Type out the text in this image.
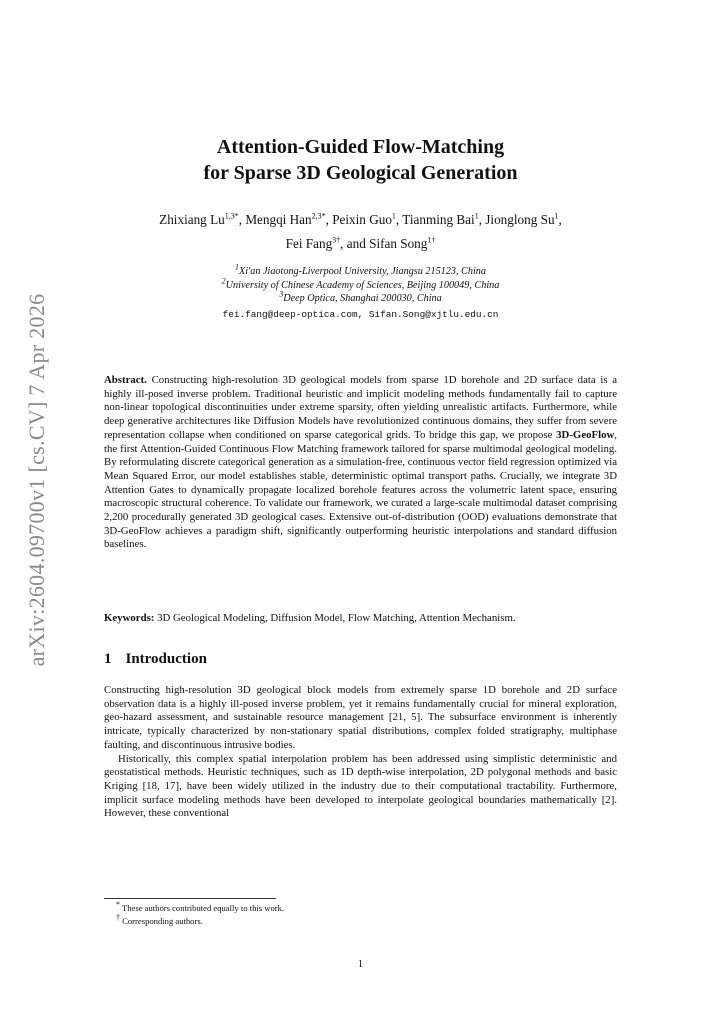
arXiv:2604.09700v1 [cs.CV] 7 Apr 2026
Attention-Guided Flow-Matching
for Sparse 3D Geological Generation
Zhixiang $Lu^{1,3*}$, Mengqi Han$^{2,3*}$, Peixin Guo$^1$, Tianming Bai$^1$, Jionglong Su$^1$,
Fei Fang$^{3\dagger}$, and Sifan Song$^{1\dagger}$
$^1$Xi'an Jiaotong-Liverpool University, Jiangsu 215123, China
$^2$University of Chinese Academy of Sciences, Beijing 100049, China
$^3$Deep Optica, Shanghai 200030, China
fei.fang@deep-optica.com, Sifan.Song@xjtlu.edu.cn
Abstract. Constructing high-resolution 3D geological models from sparse 1D borehole and 2D surface data is a highly ill-posed inverse problem. Traditional heuristic and implicit modeling methods fundamentally fail to capture non-linear topological discontinuities under extreme sparsity, often yielding unrealistic artifacts. Furthermore, while deep generative architectures like Diffusion Models have revolutionized continuous domains, they suffer from severe representation collapse when conditioned on sparse categorical grids. To bridge this gap, we propose 3D-GeoFlow, the first Attention-Guided Continuous Flow Matching framework tailored for sparse multimodal geological modeling. By reformulating discrete categorical generation as a simulation-free, continuous vector field regression optimized via Mean Squared Error, our model establishes stable, deterministic optimal transport paths. Crucially, we integrate 3D Attention Gates to dynamically propagate localized borehole features across the volumetric latent space, ensuring macroscopic structural coherence. To validate our framework, we curated a large-scale multimodal dataset comprising 2,200 procedurally generated 3D geological cases. Extensive out-of-distribution (OOD) evaluations demonstrate that 3D-GeoFlow achieves a paradigm shift, significantly outperforming heuristic interpolations and standard diffusion baselines.
Keywords: 3D Geological Modeling, Diffusion Model, Flow Matching, Attention Mechanism.
1 Introduction

Constructing high-resolution 3D geological block models from extremely sparse 1D borehole and 2D surface observation data is a highly ill-posed inverse problem, yet it remains fundamentally crucial for mineral exploration, geo-hazard assessment, and sustainable resource management [21, 5]. The subsurface environment is inherently intricate, typically characterized by non-stationary spatial distributions, complex folded stratigraphy, multiphase faulting, and discontinuous intrusive bodies.

Historically, this complex spatial interpolation problem has been addressed using simplistic deterministic and geostatistical methods. Heuristic techniques, such as 1D depth-wise interpolation, 2D polygonal methods and basic Kriging [18, 17], have been widely utilized in the industry due to their computational tractability. Furthermore, implicit surface modeling methods have been developed to interpolate geological boundaries mathematically [2]. However, these conventional

* These authors contributed equally to this work.
† Corresponding authors.
1
